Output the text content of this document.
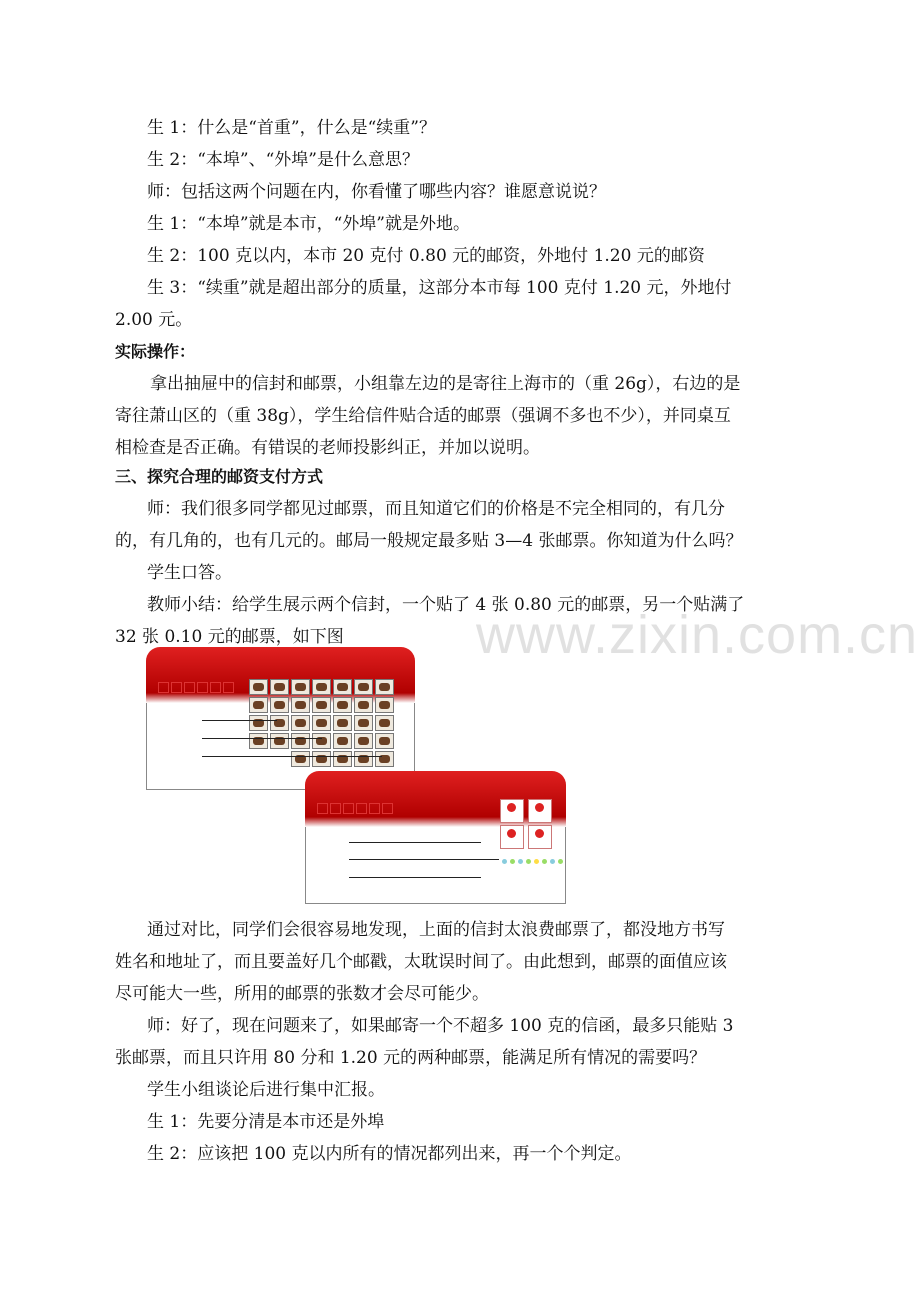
生 1：什么是“首重”，什么是“续重”？
生 2：“本埠”、“外埠”是什么意思？
师：包括这两个问题在内，你看懂了哪些内容？谁愿意说说？
生 1：“本埠”就是本市，“外埠”就是外地。
生 2：100 克以内，本市 20 克付 0.80 元的邮资，外地付 1.20 元的邮资
生 3：“续重”就是超出部分的质量，这部分本市每 100 克付 1.20 元，外地付
2.00 元。
实际操作：
拿出抽屉中的信封和邮票，小组靠左边的是寄往上海市的（重 26g），右边的是
寄往萧山区的（重 38g），学生给信件贴合适的邮票（强调不多也不少），并同桌互
相检查是否正确。有错误的老师投影纠正，并加以说明。
三、探究合理的邮资支付方式
师：我们很多同学都见过邮票，而且知道它们的价格是不完全相同的，有几分
的，有几角的，也有几元的。邮局一般规定最多贴 3—4 张邮票。你知道为什么吗？
学生口答。
教师小结：给学生展示两个信封，一个贴了 4 张 0.80 元的邮票，另一个贴满了
32 张 0.10 元的邮票，如下图 www.zixin.com.cn
通过对比，同学们会很容易地发现，上面的信封太浪费邮票了，都没地方书写
姓名和地址了，而且要盖好几个邮戳，太耽误时间了。由此想到，邮票的面值应该
尽可能大一些，所用的邮票的张数才会尽可能少。
师：好了，现在问题来了，如果邮寄一个不超多 100 克的信函，最多只能贴 3
张邮票，而且只许用 80 分和 1.20 元的两种邮票，能满足所有情况的需要吗？
学生小组谈论后进行集中汇报。
生 1：先要分清是本市还是外埠
生 2：应该把 100 克以内所有的情况都列出来，再一个个判定。
